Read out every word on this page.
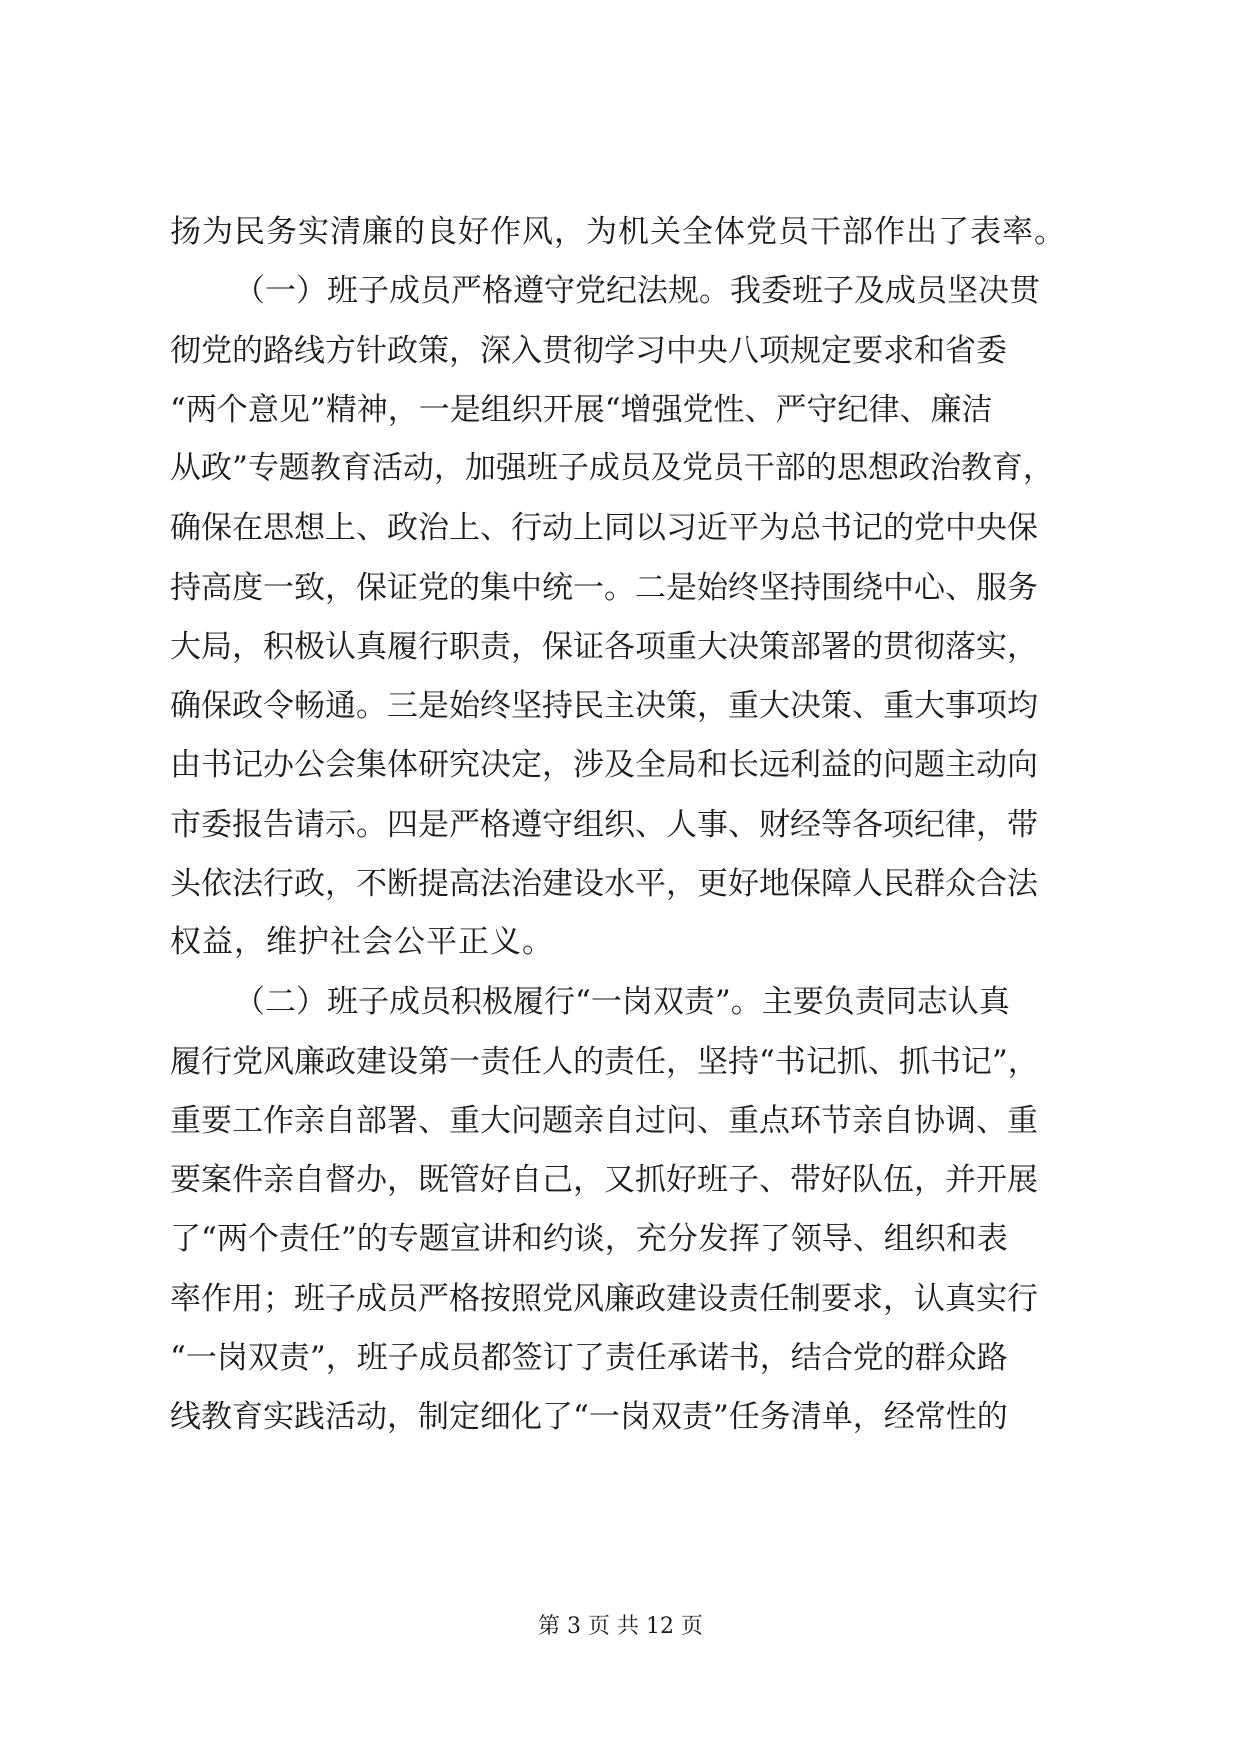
扬为民务实清廉的良好作风，为机关全体党员干部作出了表率。
（一）班子成员严格遵守党纪法规。我委班子及成员坚决贯
彻党的路线方针政策，深入贯彻学习中央八项规定要求和省委
“两个意见”精神，一是组织开展“增强党性、严守纪律、廉洁
从政”专题教育活动，加强班子成员及党员干部的思想政治教育，
确保在思想上、政治上、行动上同以习近平为总书记的党中央保
持高度一致，保证党的集中统一。二是始终坚持围绕中心、服务
大局，积极认真履行职责，保证各项重大决策部署的贯彻落实，
确保政令畅通。三是始终坚持民主决策，重大决策、重大事项均
由书记办公会集体研究决定，涉及全局和长远利益的问题主动向
市委报告请示。四是严格遵守组织、人事、财经等各项纪律，带
头依法行政，不断提高法治建设水平，更好地保障人民群众合法
权益，维护社会公平正义。
（二）班子成员积极履行“一岗双责”。主要负责同志认真
履行党风廉政建设第一责任人的责任，坚持“书记抓、抓书记”，
重要工作亲自部署、重大问题亲自过问、重点环节亲自协调、重
要案件亲自督办，既管好自己，又抓好班子、带好队伍，并开展
了“两个责任”的专题宣讲和约谈，充分发挥了领导、组织和表
率作用；班子成员严格按照党风廉政建设责任制要求，认真实行
“一岗双责”，班子成员都签订了责任承诺书，结合党的群众路
线教育实践活动，制定细化了“一岗双责”任务清单，经常性的
第 3 页 共 12 页
